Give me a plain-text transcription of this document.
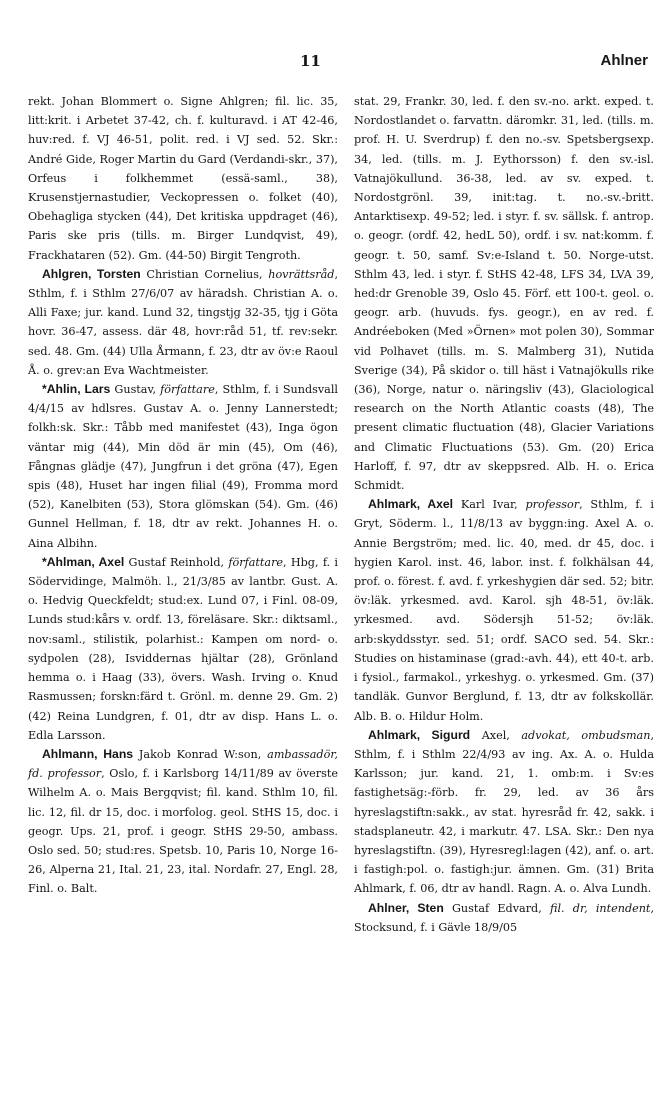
11	Ahlner

rekt. Johan Blommert o. Signe Ahlgren; fil. lic. 35, litt:krit. i Arbetet 37-42, ch. f. kulturavd. i AT 42-46, huv:red. f. VJ 46-51, polit. red. i VJ sed. 52. Skr.: André Gide, Roger Martin du Gard (Verdandi-skr., 37), Orfeus i folkhemmet (essä-saml., 38), Krusenstjernastudier, Veckopressen o. folket (40), Obehagliga stycken (44), Det kritiska uppdraget (46), Paris ske pris (tills. m. Birger Lundqvist, 49), Frackhataren (52). Gm. (44-50) Birgit Tengroth.

Ahlgren, Torsten Christian Cornelius, hovrättsråd, Sthlm, f. i Sthlm 27/6/07 av häradsh. Christian A. o. Alli Faxe; jur. kand. Lund 32, tingstjg 32-35, tjg i Göta hovr. 36-47, assess. där 48, hovr:råd 51, tf. rev:sekr. sed. 48. Gm. (44) Ulla Årmann, f. 23, dtr av öv:e Raoul Å. o. grev:an Eva Wachtmeister.

*Ahlin, Lars Gustav, författare, Sthlm, f. i Sundsvall 4/4/15 av hdlsres. Gustav A. o. Jenny Lannerstedt; folkh:sk. Skr.: Tåbb med manifestet (43), Inga ögon väntar mig (44), Min död är min (45), Om (46), Fångnas glädje (47), Jungfrun i det gröna (47), Egen spis (48), Huset har ingen filial (49), Fromma mord (52), Kanelbiten (53), Stora glömskan (54). Gm. (46) Gunnel Hellman, f. 18, dtr av rekt. Johannes H. o. Aina Albihn.

*Ahlman, Axel Gustaf Reinhold, författare, Hbg, f. i Södervidinge, Malmöh. l., 21/3/85 av lantbr. Gust. A. o. Hedvig Queckfeldt; stud:ex. Lund 07, i Finl. 08-09, Lunds stud:kårs v. ordf. 13, föreläsare. Skr.: diktsaml., nov:saml., stilistik, polarhist.: Kampen om nord- o. sydpolen (28), Isviddernas hjältar (28), Grönland hemma o. i Haag (33), övers. Wash. Irving o. Knud Rasmussen; forskn:färd t. Grönl. m. denne 29. Gm. 2) (42) Reina Lundgren, f. 01, dtr av disp. Hans L. o. Edla Larsson.

Ahlmann, Hans Jakob Konrad W:son, ambassadör, fd. professor, Oslo, f. i Karlsborg 14/11/89 av överste Wilhelm A. o. Mais Bergqvist; fil. kand. Sthlm 10, fil. lic. 12, fil. dr 15, doc. i morfolog. geol. StHS 15, doc. i geogr. Ups. 21, prof. i geogr. StHS 29-50, ambass. Oslo sed. 50; stud:res. Spetsb. 10, Paris 10, Norge 16-26, Alperna 21, Ital. 21, 23, ital. Nordafr. 27, Engl. 28, Finl. o. Balt.

stat. 29, Frankr. 30, led. f. den sv.-no. arkt. exped. t. Nordostlandet o. farvattn. däromkr. 31, led. (tills. m. prof. H. U. Sverdrup) f. den no.-sv. Spetsbergsexp. 34, led. (tills. m. J. Eythorsson) f. den sv.-isl. Vatnajökullund. 36-38, led. av sv. exped. t. Nordostgrönl. 39, init:tag. t. no.-sv.-britt. Antarktisexp. 49-52; led. i styr. f. sv. sällsk. f. antrop. o. geogr. (ordf. 42, hedL 50), ordf. i sv. nat:komm. f. geogr. t. 50, samf. Sv:e-Island t. 50. Norge-utst. Sthlm 43, led. i styr. f. StHS 42-48, LFS 34, LVA 39, hed:dr Grenoble 39, Oslo 45. Förf. ett 100-t. geol. o. geogr. arb. (huvuds. fys. geogr.), en av red. f. Andréeboken (Med »Örnen» mot polen 30), Sommar vid Polhavet (tills. m. S. Malmberg 31), Nutida Sverige (34), På skidor o. till häst i Vatnajökulls rike (36), Norge, natur o. näringsliv (43), Glaciological research on the North Atlantic coasts (48), The present climatic fluctuation (48), Glacier Variations and Climatic Fluctuations (53). Gm. (20) Erica Harloff, f. 97, dtr av skeppsred. Alb. H. o. Erica Schmidt.

Ahlmark, Axel Karl Ivar, professor, Sthlm, f. i Gryt, Söderm. l., 11/8/13 av byggn:ing. Axel A. o. Annie Bergström; med. lic. 40, med. dr 45, doc. i hygien Karol. inst. 46, labor. inst. f. folkhälsan 44, prof. o. förest. f. avd. f. yrkeshygien där sed. 52; bitr. öv:läk. yrkesmed. avd. Karol. sjh 48-51, öv:läk. yrkesmed. avd. Södersjh 51-52; öv:läk. arb:skyddsstyr. sed. 51; ordf. SACO sed. 54. Skr.: Studies on histaminase (grad:-avh. 44), ett 40-t. arb. i fysiol., farmakol., yrkeshyg. o. yrkesmed. Gm. (37) tandläk. Gunvor Berglund, f. 13, dtr av folkskollär. Alb. B. o. Hildur Holm.

Ahlmark, Sigurd Axel, advokat, ombudsman, Sthlm, f. i Sthlm 22/4/93 av ing. Ax. A. o. Hulda Karlsson; jur. kand. 21, 1. omb:m. i Sv:es fastighetsäg:-förb. fr. 29, led. av 36 års hyreslagstiftn:sakk., av stat. hyresråd fr. 42, sakk. i stadsplaneutr. 42, i markutr. 47. LSA. Skr.: Den nya hyreslagstiftn. (39), Hyresregl:lagen (42), anf. o. art. i fastigh:pol. o. fastigh:jur. ämnen. Gm. (31) Brita Ahlmark, f. 06, dtr av handl. Ragn. A. o. Alva Lundh.

Ahlner, Sten Gustaf Edvard, fil. dr, intendent, Stocksund, f. i Gävle 18/9/05
